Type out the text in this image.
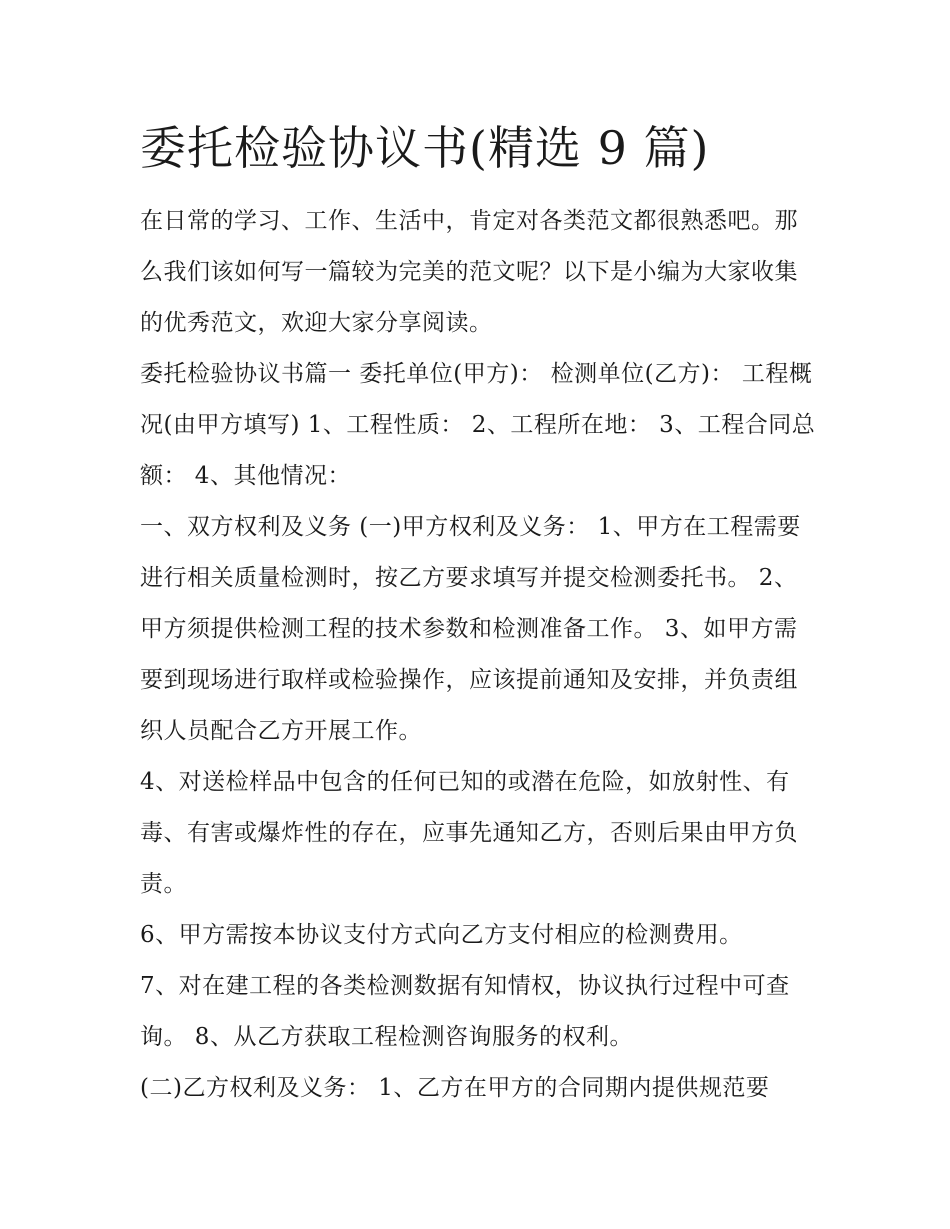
委托检验协议书(精选 9 篇)

在日常的学习、工作、生活中，肯定对各类范文都很熟悉吧。那么我们该如何写一篇较为完美的范文呢？以下是小编为大家收集的优秀范文，欢迎大家分享阅读。

委托检验协议书篇一 委托单位(甲方)： 检测单位(乙方)： 工程概况(由甲方填写) 1、工程性质： 2、工程所在地： 3、工程合同总额： 4、其他情况：

一、双方权利及义务 (一)甲方权利及义务： 1、甲方在工程需要进行相关质量检测时，按乙方要求填写并提交检测委托书。 2、甲方须提供检测工程的技术参数和检测准备工作。 3、如甲方需要到现场进行取样或检验操作，应该提前通知及安排，并负责组织人员配合乙方开展工作。

4、对送检样品中包含的任何已知的或潜在危险，如放射性、有毒、有害或爆炸性的存在，应事先通知乙方，否则后果由甲方负责。

6、甲方需按本协议支付方式向乙方支付相应的检测费用。

7、对在建工程的各类检测数据有知情权，协议执行过程中可查询。 8、从乙方获取工程检测咨询服务的权利。

(二)乙方权利及义务： 1、乙方在甲方的合同期内提供规范要
